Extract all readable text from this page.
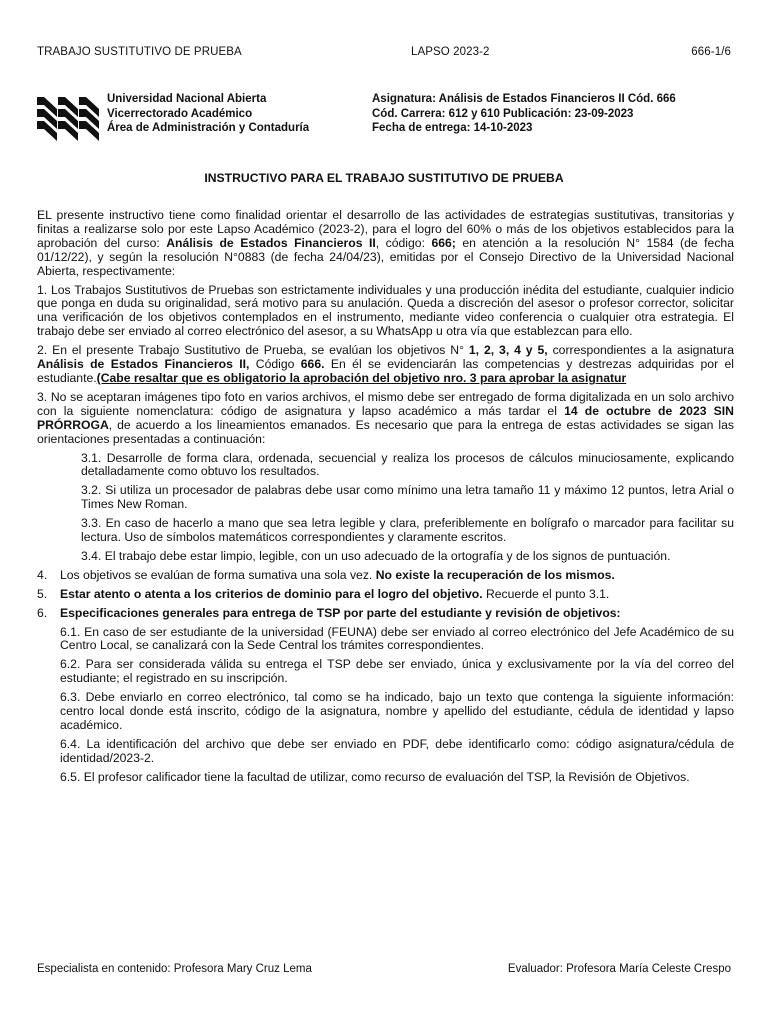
TRABAJO SUSTITUTIVO DE PRUEBA	LAPSO 2023-2	666-1/6
Universidad Nacional Abierta
Vicerrectorado Académico
Área de Administración y Contaduría
Asignatura: Análisis de Estados Financieros II Cód. 666
Cód. Carrera: 612 y 610 Publicación: 23-09-2023
Fecha de entrega: 14-10-2023
INSTRUCTIVO PARA EL TRABAJO SUSTITUTIVO DE PRUEBA

EL presente instructivo tiene como finalidad orientar el desarrollo de las actividades de estrategias sustitutivas, transitorias y finitas a realizarse solo por este Lapso Académico (2023-2), para el logro del 60% o más de los objetivos establecidos para la aprobación del curso: Análisis de Estados Financieros II, código: 666; en atención a la resolución N° 1584 (de fecha 01/12/22), y según la resolución N°0883 (de fecha 24/04/23), emitidas por el Consejo Directivo de la Universidad Nacional Abierta, respectivamente:

1. Los Trabajos Sustitutivos de Pruebas son estrictamente individuales y una producción inédita del estudiante, cualquier indicio que ponga en duda su originalidad, será motivo para su anulación. Queda a discreción del asesor o profesor corrector, solicitar una verificación de los objetivos contemplados en el instrumento, mediante video conferencia o cualquier otra estrategia. El trabajo debe ser enviado al correo electrónico del asesor, a su WhatsApp u otra vía que establezcan para ello.

2. En el presente Trabajo Sustitutivo de Prueba, se evalúan los objetivos N° 1, 2, 3, 4 y 5, correspondientes a la asignatura Análisis de Estados Financieros II, Código 666. En él se evidenciarán las competencias y destrezas adquiridas por el estudiante.(Cabe resaltar que es obligatorio la aprobación del objetivo nro. 3 para aprobar la asignatur

3. No se aceptaran imágenes tipo foto en varios archivos, el mismo debe ser entregado de forma digitalizada en un solo archivo con la siguiente nomenclatura: código de asignatura y lapso académico a más tardar el 14 de octubre de 2023 SIN PRÓRROGA, de acuerdo a los lineamientos emanados. Es necesario que para la entrega de estas actividades se sigan las orientaciones presentadas a continuación:

3.1. Desarrolle de forma clara, ordenada, secuencial y realiza los procesos de cálculos minuciosamente, explicando detalladamente como obtuvo los resultados.

3.2. Si utiliza un procesador de palabras debe usar como mínimo una letra tamaño 11 y máximo 12 puntos, letra Arial o Times New Roman.

3.3. En caso de hacerlo a mano que sea letra legible y clara, preferiblemente en bolígrafo o marcador para facilitar su lectura. Uso de símbolos matemáticos correspondientes y claramente escritos.

3.4. El trabajo debe estar limpio, legible, con un uso adecuado de la ortografía y de los signos de puntuación.

4.	Los objetivos se evalúan de forma sumativa una sola vez. No existe la recuperación de los mismos.
5.	Estar atento o atenta a los criterios de dominio para el logro del objetivo. Recuerde el punto 3.1.
6.	Especificaciones generales para entrega de TSP por parte del estudiante y revisión de objetivos:

6.1. En caso de ser estudiante de la universidad (FEUNA) debe ser enviado al correo electrónico del Jefe Académico de su Centro Local, se canalizará con la Sede Central los trámites correspondientes.

6.2. Para ser considerada válida su entrega el TSP debe ser enviado, única y exclusivamente por la vía del correo del estudiante; el registrado en su inscripción.

6.3. Debe enviarlo en correo electrónico, tal como se ha indicado, bajo un texto que contenga la siguiente información: centro local donde está inscrito, código de la asignatura, nombre y apellido del estudiante, cédula de identidad y lapso académico.

6.4. La identificación del archivo que debe ser enviado en PDF, debe identificarlo como: código asignatura/cédula de identidad/2023-2.

6.5. El profesor calificador tiene la facultad de utilizar, como recurso de evaluación del TSP, la Revisión de Objetivos.

Especialista en contenido: Profesora Mary Cruz Lema	Evaluador: Profesora María Celeste Crespo
